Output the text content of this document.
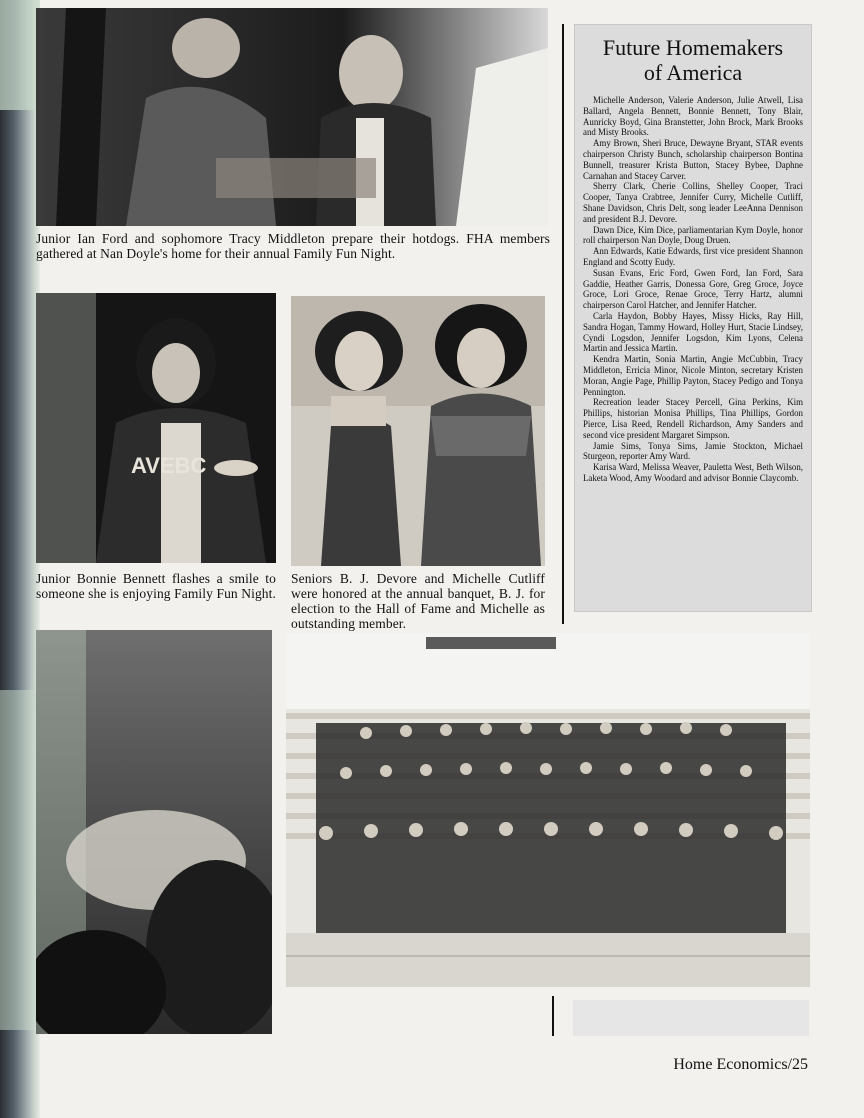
Junior Ian Ford and sophomore Tracy Middleton prepare their hotdogs. FHA members gathered at Nan Doyle's home for their annual Family Fun Night.
AVEBC
Junior Bonnie Bennett flashes a smile to someone she is enjoying Family Fun Night.
Seniors B. J. Devore and Michelle Cutliff were honored at the annual banquet, B. J. for election to the Hall of Fame and Michelle as outstanding member.
Future Homemakers
of America

Michelle Anderson, Valerie Anderson, Julie Atwell, Lisa Ballard, Angela Bennett, Bonnie Bennett, Tony Blair, Aunricky Boyd, Gina Branstetter, John Brock, Mark Brooks and Misty Brooks.

Amy Brown, Sheri Bruce, Dewayne Bryant, STAR events chairperson Christy Bunch, scholarship chairperson Bontina Bunnell, treasurer Krista Button, Stacey Bybee, Daphne Carnahan and Stacey Carver.

Sherry Clark, Cherie Collins, Shelley Cooper, Traci Cooper, Tanya Crabtree, Jennifer Curry, Michelle Cutliff, Shane Davidson, Chris Delt, song leader LeeAnna Dennison and president B.J. Devore.

Dawn Dice, Kim Dice, parliamentarian Kym Doyle, honor roll chairperson Nan Doyle, Doug Druen.

Ann Edwards, Katie Edwards, first vice president Shannon England and Scotty Eudy.

Susan Evans, Eric Ford, Gwen Ford, Ian Ford, Sara Gaddie, Heather Garris, Donessa Gore, Greg Groce, Joyce Groce, Lori Groce, Renae Groce, Terry Hartz, alumni chairperson Carol Hatcher, and Jennifer Hatcher.

Carla Haydon, Bobby Hayes, Missy Hicks, Ray Hill, Sandra Hogan, Tammy Howard, Holley Hurt, Stacie Lindsey, Cyndi Logsdon, Jennifer Logsdon, Kim Lyons, Celena Martin and Jessica Martin.

Kendra Martin, Sonia Martin, Angie McCubbin, Tracy Middleton, Erricia Minor, Nicole Minton, secretary Kristen Moran, Angie Page, Phillip Payton, Stacey Pedigo and Tonya Pennington.

Recreation leader Stacey Percell, Gina Perkins, Kim Phillips, historian Monisa Phillips, Tina Phillips, Gordon Pierce, Lisa Reed, Rendell Richardson, Amy Sanders and second vice president Margaret Simpson.

Jamie Sims, Tonya Sims, Jamie Stockton, Michael Sturgeon, reporter Amy Ward.

Karisa Ward, Melissa Weaver, Pauletta West, Beth Wilson, Laketa Wood, Amy Woodard and advisor Bonnie Claycomb.

Home Economics/25
